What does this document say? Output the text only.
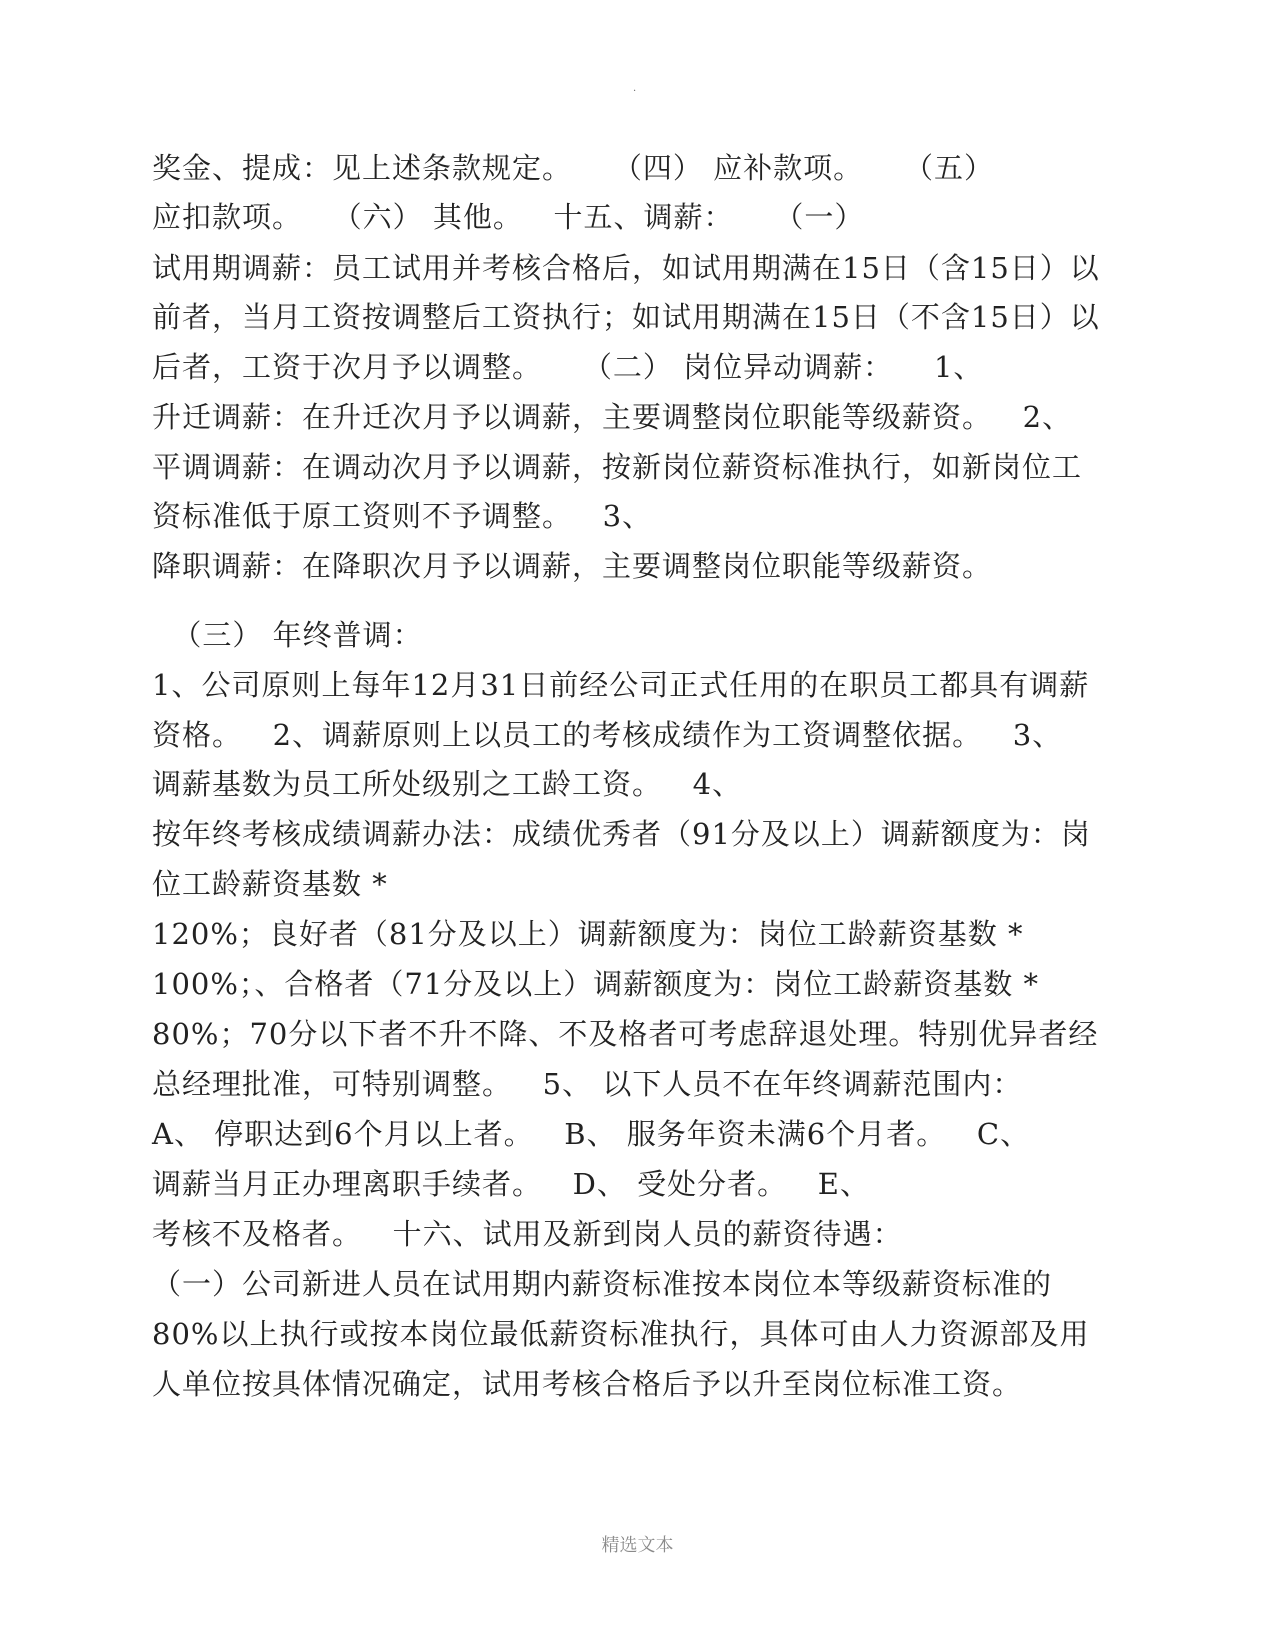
.
奖金、提成：见上述条款规定。    （四） 应补款项。    （五）
应扣款项。   （六） 其他。   十五、调薪：    （一）
试用期调薪：员工试用并考核合格后，如试用期满在15日（含15日）以
前者，当月工资按调整后工资执行；如试用期满在15日（不含15日）以
后者，工资于次月予以调整。    （二） 岗位异动调薪：    1、
升迁调薪：在升迁次月予以调薪，主要调整岗位职能等级薪资。   2、
平调调薪：在调动次月予以调薪，按新岗位薪资标准执行，如新岗位工
资标准低于原工资则不予调整。   3、
降职调薪：在降职次月予以调薪，主要调整岗位职能等级薪资。
（三） 年终普调：
1、公司原则上每年12月31日前经公司正式任用的在职员工都具有调薪
资格。   2、调薪原则上以员工的考核成绩作为工资调整依据。   3、
调薪基数为员工所处级别之工龄工资。   4、
按年终考核成绩调薪办法：成绩优秀者（91分及以上）调薪额度为：岗
位工龄薪资基数 *
120%；良好者（81分及以上）调薪额度为：岗位工龄薪资基数 *
100%；、合格者（71分及以上）调薪额度为：岗位工龄薪资基数 *
80%；70分以下者不升不降、不及格者可考虑辞退处理。特别优异者经
总经理批准，可特别调整。   5、 以下人员不在年终调薪范围内：
A、 停职达到6个月以上者。   B、 服务年资未满6个月者。   C、
调薪当月正办理离职手续者。   D、 受处分者。   E、
考核不及格者。   十六、试用及新到岗人员的薪资待遇：
（一）公司新进人员在试用期内薪资标准按本岗位本等级薪资标准的
80%以上执行或按本岗位最低薪资标准执行，具体可由人力资源部及用
人单位按具体情况确定，试用考核合格后予以升至岗位标准工资。
精选文本
